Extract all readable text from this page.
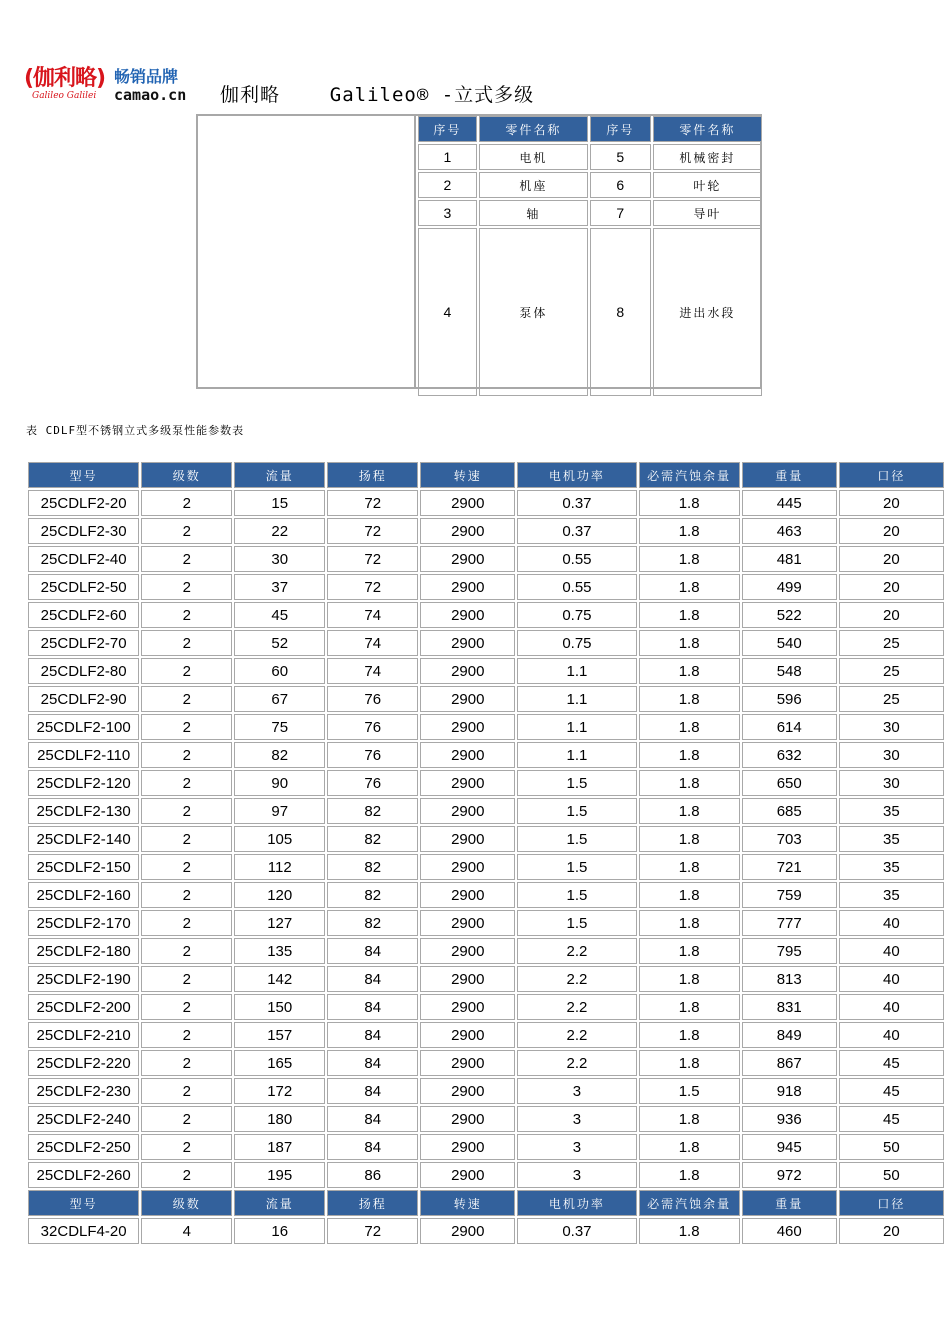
(伽利略)
Galileo Galilei
畅销品牌
camao.cn 伽利略    Galileo® -立式多级
序号	零件名称	序号	零件名称
1	电机	5	机械密封
2	机座	6	叶轮
3	轴	7	导叶
4	泵体	8	进出水段
表 CDLF型不锈钢立式多级泵性能参数表
型号	级数	流量	扬程	转速	电机功率	必需汽蚀余量	重量	口径
25CDLF2-20	2	15	72	2900	0.37	1.8	445	20
25CDLF2-30	2	22	72	2900	0.37	1.8	463	20
25CDLF2-40	2	30	72	2900	0.55	1.8	481	20
25CDLF2-50	2	37	72	2900	0.55	1.8	499	20
25CDLF2-60	2	45	74	2900	0.75	1.8	522	20
25CDLF2-70	2	52	74	2900	0.75	1.8	540	25
25CDLF2-80	2	60	74	2900	1.1	1.8	548	25
25CDLF2-90	2	67	76	2900	1.1	1.8	596	25
25CDLF2-100	2	75	76	2900	1.1	1.8	614	30
25CDLF2-110	2	82	76	2900	1.1	1.8	632	30
25CDLF2-120	2	90	76	2900	1.5	1.8	650	30
25CDLF2-130	2	97	82	2900	1.5	1.8	685	35
25CDLF2-140	2	105	82	2900	1.5	1.8	703	35
25CDLF2-150	2	112	82	2900	1.5	1.8	721	35
25CDLF2-160	2	120	82	2900	1.5	1.8	759	35
25CDLF2-170	2	127	82	2900	1.5	1.8	777	40
25CDLF2-180	2	135	84	2900	2.2	1.8	795	40
25CDLF2-190	2	142	84	2900	2.2	1.8	813	40
25CDLF2-200	2	150	84	2900	2.2	1.8	831	40
25CDLF2-210	2	157	84	2900	2.2	1.8	849	40
25CDLF2-220	2	165	84	2900	2.2	1.8	867	45
25CDLF2-230	2	172	84	2900	3	1.5	918	45
25CDLF2-240	2	180	84	2900	3	1.8	936	45
25CDLF2-250	2	187	84	2900	3	1.8	945	50
25CDLF2-260	2	195	86	2900	3	1.8	972	50
型号	级数	流量	扬程	转速	电机功率	必需汽蚀余量	重量	口径
32CDLF4-20	4	16	72	2900	0.37	1.8	460	20
